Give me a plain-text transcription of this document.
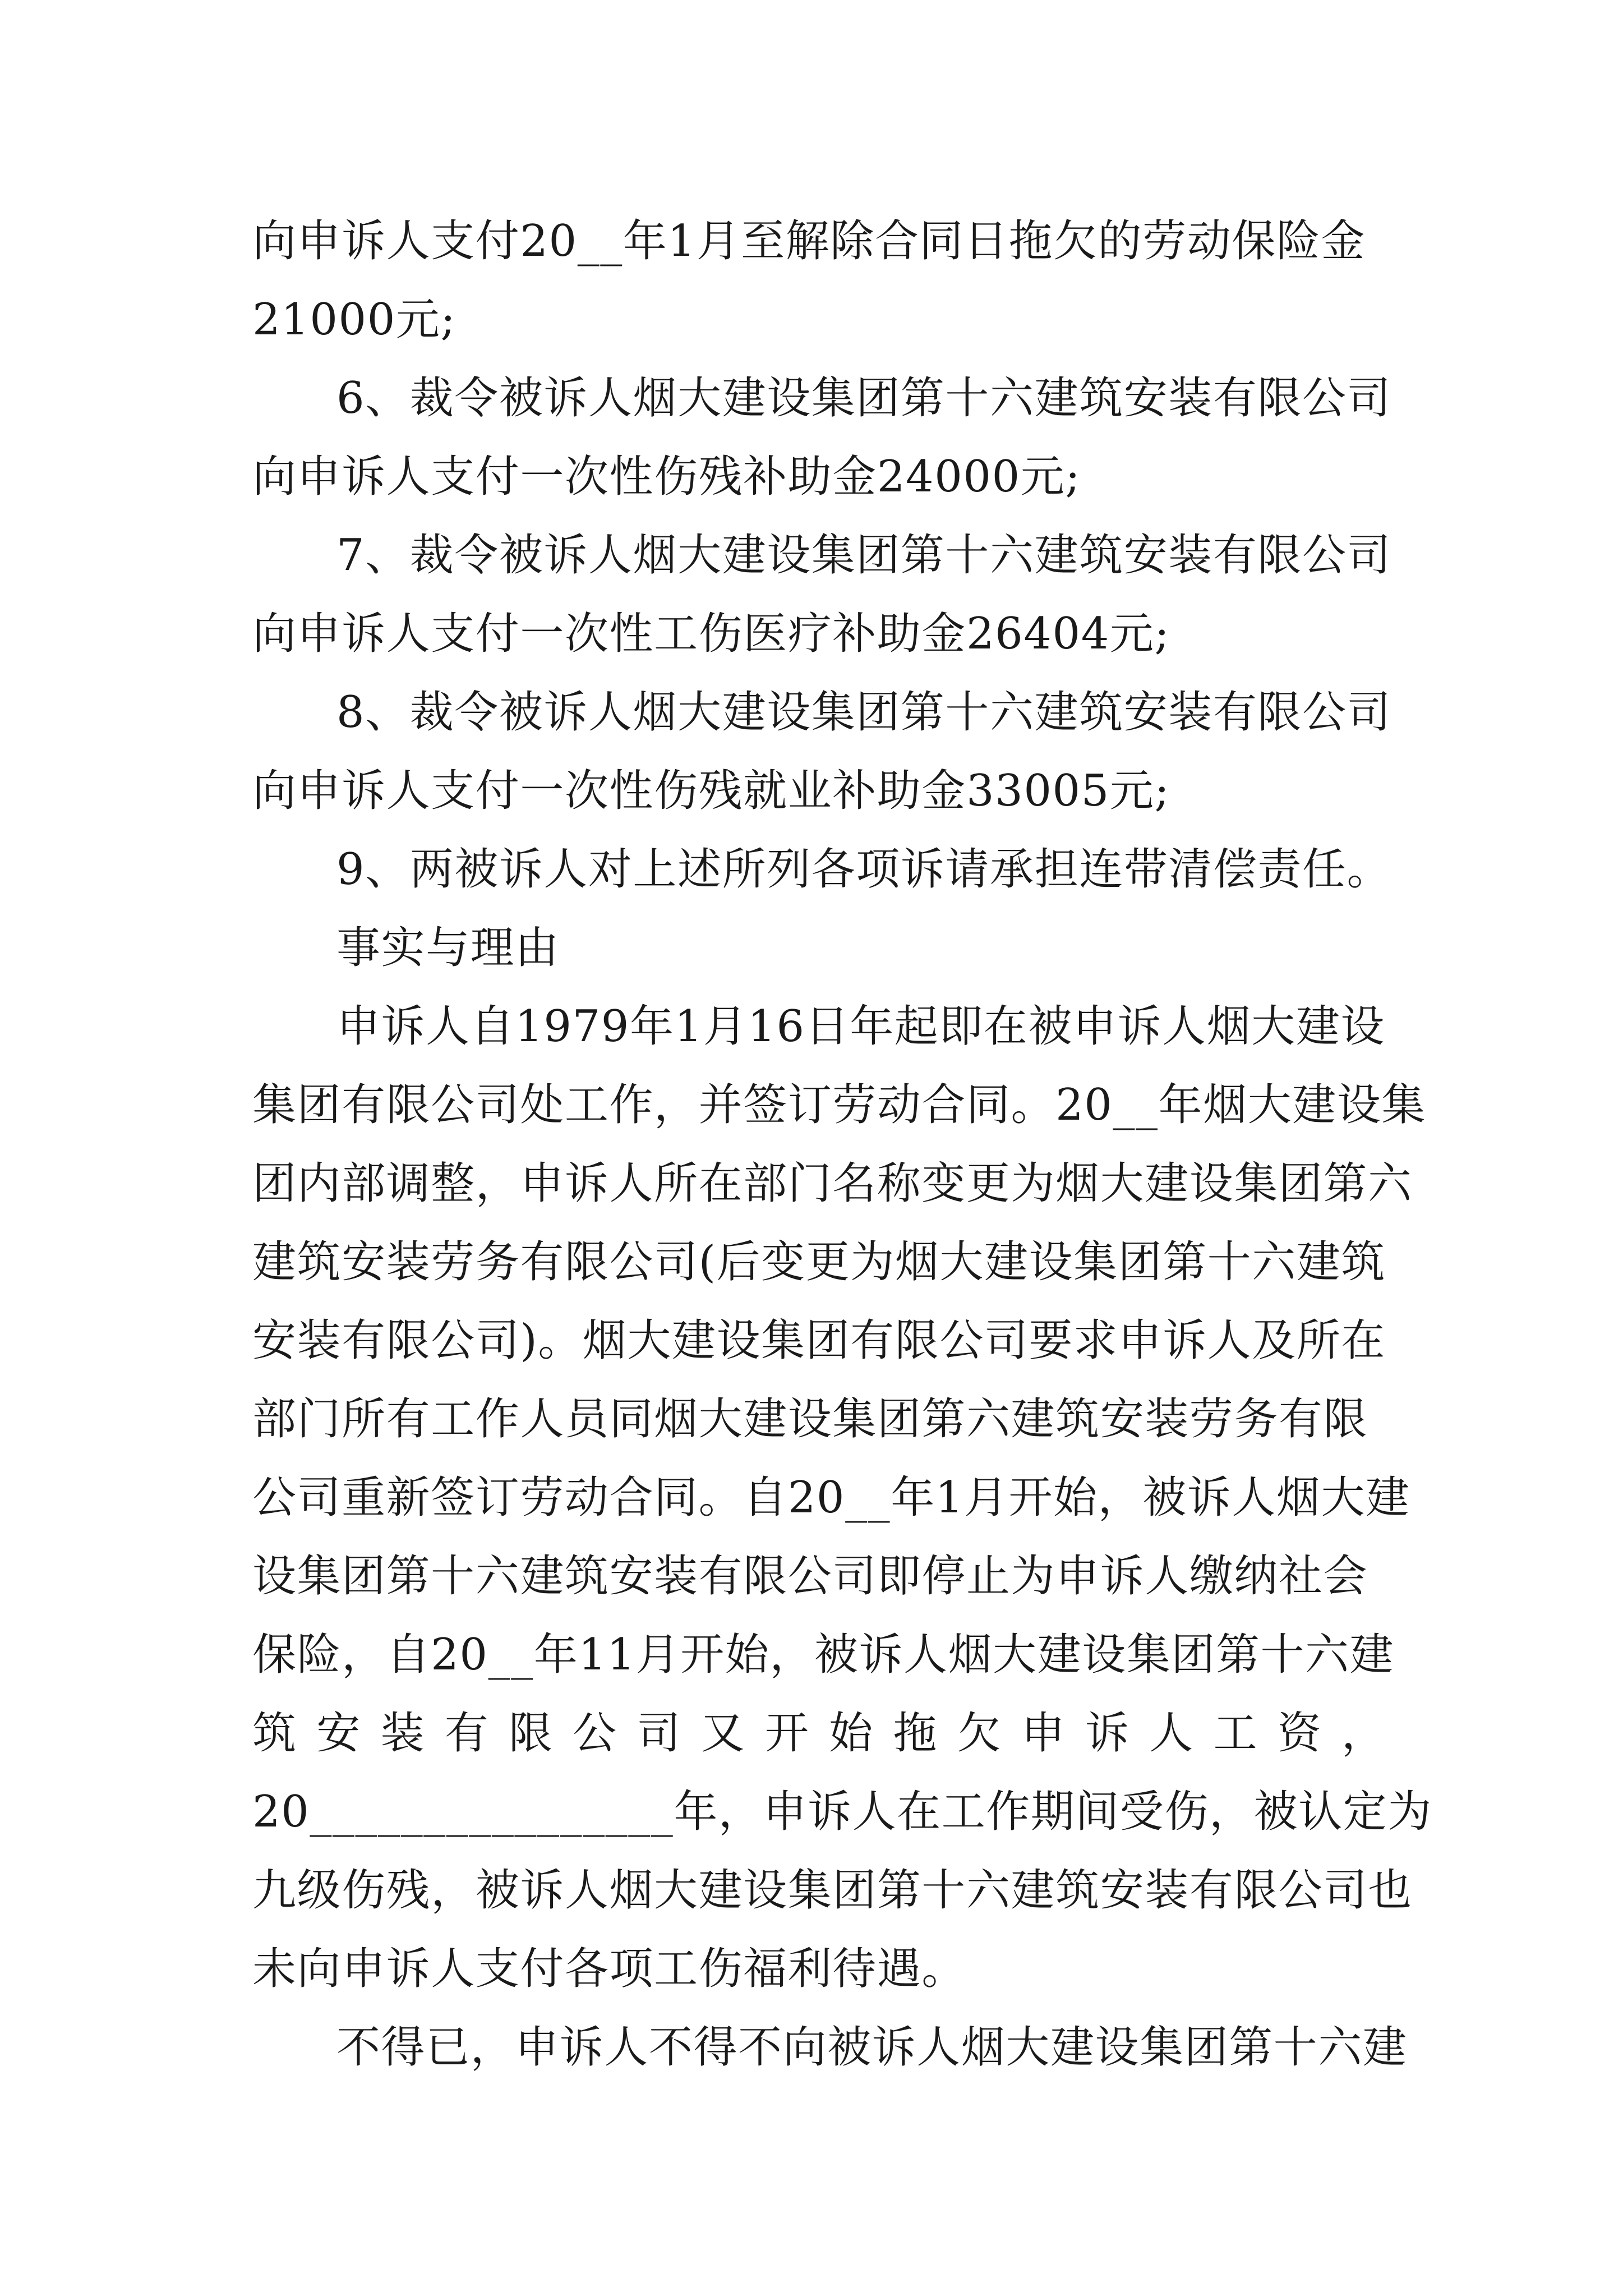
向申诉人支付20__年1月至解除合同日拖欠的劳动保险金
21000元;
6、裁令被诉人烟大建设集团第十六建筑安装有限公司
向申诉人支付一次性伤残补助金24000元;
7、裁令被诉人烟大建设集团第十六建筑安装有限公司
向申诉人支付一次性工伤医疗补助金26404元;
8、裁令被诉人烟大建设集团第十六建筑安装有限公司
向申诉人支付一次性伤残就业补助金33005元;
9、两被诉人对上述所列各项诉请承担连带清偿责任。
事实与理由
申诉人自1979年1月16日年起即在被申诉人烟大建设
集团有限公司处工作，并签订劳动合同。20__年烟大建设集
团内部调整，申诉人所在部门名称变更为烟大建设集团第六
建筑安装劳务有限公司(后变更为烟大建设集团第十六建筑
安装有限公司)。烟大建设集团有限公司要求申诉人及所在
部门所有工作人员同烟大建设集团第六建筑安装劳务有限
公司重新签订劳动合同。自20__年1月开始，被诉人烟大建
设集团第十六建筑安装有限公司即停止为申诉人缴纳社会
保险，自20__年11月开始，被诉人烟大建设集团第十六建
筑 安 装 有 限 公 司 又 开 始 拖 欠 申 诉 人 工 资 ，
20________________年，申诉人在工作期间受伤，被认定为
九级伤残，被诉人烟大建设集团第十六建筑安装有限公司也
未向申诉人支付各项工伤福利待遇。
不得已，申诉人不得不向被诉人烟大建设集团第十六建
